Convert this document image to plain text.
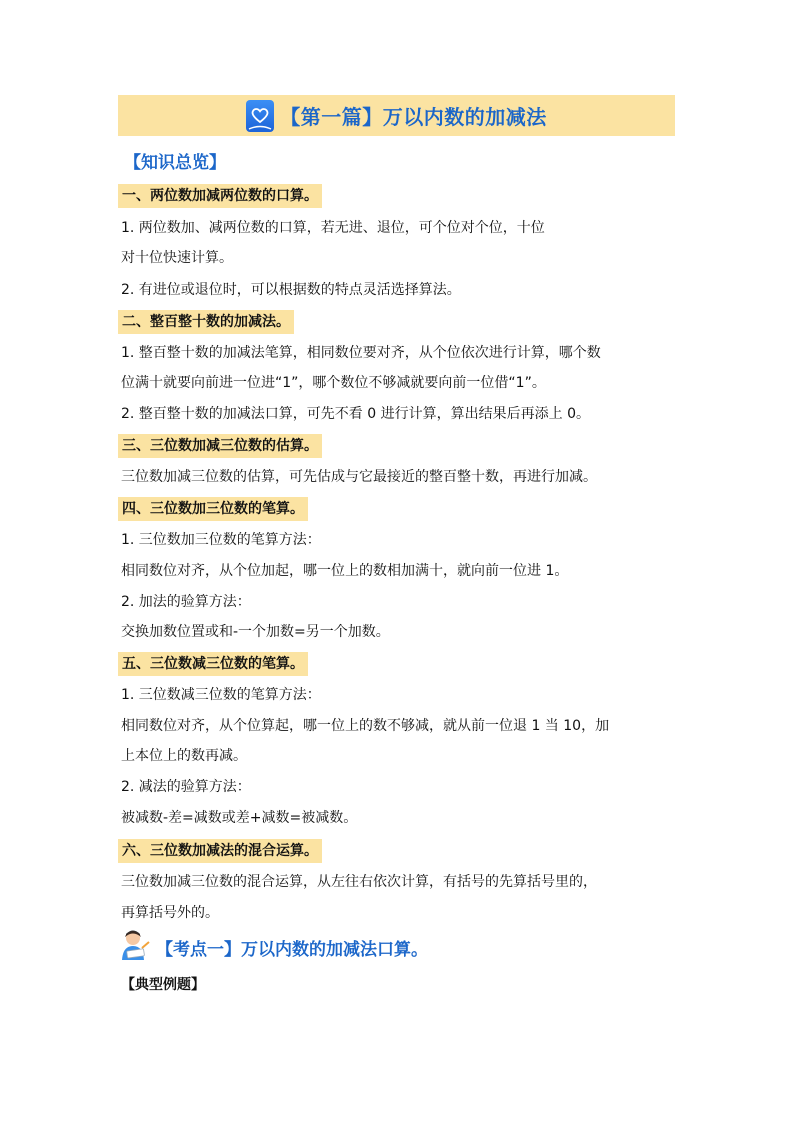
【第一篇】万以内数的加减法
【知识总览】
一、两位数加减两位数的口算。
1. 两位数加、减两位数的口算，若无进、退位，可个位对个位，十位
对十位快速计算。
2. 有进位或退位时，可以根据数的特点灵活选择算法。
二、整百整十数的加减法。
1. 整百整十数的加减法笔算，相同数位要对齐，从个位依次进行计算，哪个数
位满十就要向前进一位进“1”，哪个数位不够减就要向前一位借“1”。
2. 整百整十数的加减法口算，可先不看 0 进行计算，算出结果后再添上 0。
三、三位数加减三位数的估算。
三位数加减三位数的估算，可先估成与它最接近的整百整十数，再进行加减。
四、三位数加三位数的笔算。
1. 三位数加三位数的笔算方法：
相同数位对齐，从个位加起，哪一位上的数相加满十，就向前一位进 1。
2. 加法的验算方法：
交换加数位置或和-一个加数=另一个加数。
五、三位数减三位数的笔算。
1. 三位数减三位数的笔算方法：
相同数位对齐，从个位算起，哪一位上的数不够减，就从前一位退 1 当 10，加
上本位上的数再减。
2. 减法的验算方法：
被减数-差=减数或差+减数=被减数。
六、三位数加减法的混合运算。
三位数加减三位数的混合运算，从左往右依次计算，有括号的先算括号里的，
再算括号外的。
【考点一】万以内数的加减法口算。
【典型例题】
